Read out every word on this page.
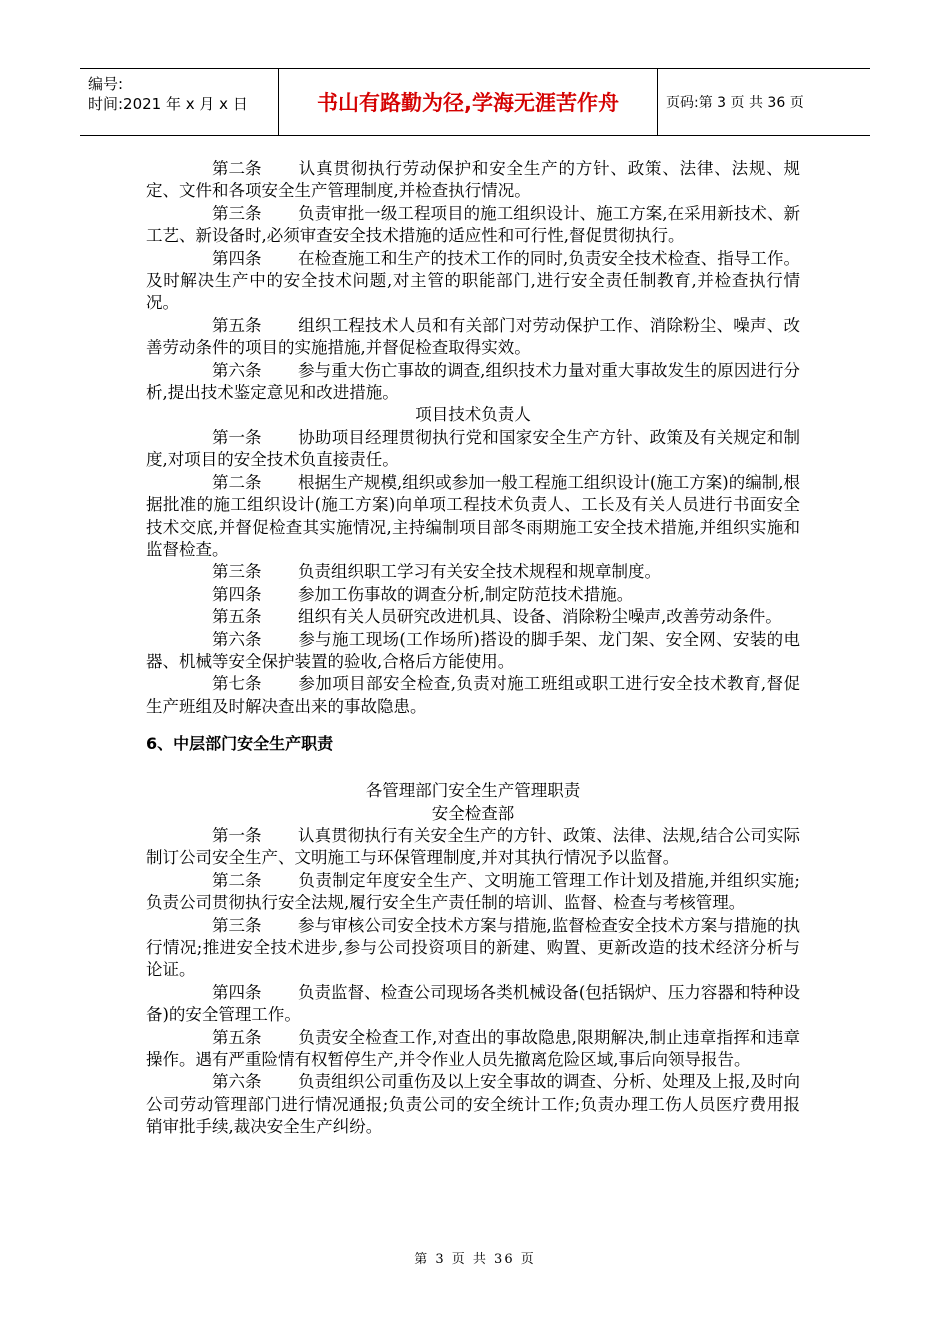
编号:
时间:2021 年 x 月 x 日	书山有路勤为径,学海无涯苦作舟	页码:第 3 页 共 36 页

第二条 认真贯彻执行劳动保护和安全生产的方针、政策、法律、法规、规定、文件和各项安全生产管理制度,并检查执行情况。

第三条 负责审批一级工程项目的施工组织设计、施工方案,在采用新技术、新工艺、新设备时,必须审查安全技术措施的适应性和可行性,督促贯彻执行。

第四条 在检查施工和生产的技术工作的同时,负责安全技术检查、指导工作。及时解决生产中的安全技术问题,对主管的职能部门,进行安全责任制教育,并检查执行情况。

第五条 组织工程技术人员和有关部门对劳动保护工作、消除粉尘、噪声、改善劳动条件的项目的实施措施,并督促检查取得实效。

第六条 参与重大伤亡事故的调查,组织技术力量对重大事故发生的原因进行分析,提出技术鉴定意见和改进措施。

项目技术负责人

第一条 协助项目经理贯彻执行党和国家安全生产方针、政策及有关规定和制度,对项目的安全技术负直接责任。

第二条 根据生产规模,组织或参加一般工程施工组织设计(施工方案)的编制,根据批准的施工组织设计(施工方案)向单项工程技术负责人、工长及有关人员进行书面安全技术交底,并督促检查其实施情况,主持编制项目部冬雨期施工安全技术措施,并组织实施和监督检查。

第三条 负责组织职工学习有关安全技术规程和规章制度。

第四条 参加工伤事故的调查分析,制定防范技术措施。

第五条 组织有关人员研究改进机具、设备、消除粉尘噪声,改善劳动条件。

第六条 参与施工现场(工作场所)搭设的脚手架、龙门架、安全网、安装的电器、机械等安全保护装置的验收,合格后方能使用。

第七条 参加项目部安全检查,负责对施工班组或职工进行安全技术教育,督促生产班组及时解决查出来的事故隐患。

6、中层部门安全生产职责

各管理部门安全生产管理职责

安全检查部

第一条 认真贯彻执行有关安全生产的方针、政策、法律、法规,结合公司实际制订公司安全生产、文明施工与环保管理制度,并对其执行情况予以监督。

第二条 负责制定年度安全生产、文明施工管理工作计划及措施,并组织实施;负责公司贯彻执行安全法规,履行安全生产责任制的培训、监督、检查与考核管理。

第三条 参与审核公司安全技术方案与措施,监督检查安全技术方案与措施的执行情况;推进安全技术进步,参与公司投资项目的新建、购置、更新改造的技术经济分析与论证。

第四条 负责监督、检查公司现场各类机械设备(包括锅炉、压力容器和特种设备)的安全管理工作。

第五条 负责安全检查工作,对查出的事故隐患,限期解决,制止违章指挥和违章操作。遇有严重险情有权暂停生产,并令作业人员先撤离危险区域,事后向领导报告。

第六条 负责组织公司重伤及以上安全事故的调查、分析、处理及上报,及时向公司劳动管理部门进行情况通报;负责公司的安全统计工作;负责办理工伤人员医疗费用报销审批手续,裁决安全生产纠纷。

第 3 页 共 36 页
